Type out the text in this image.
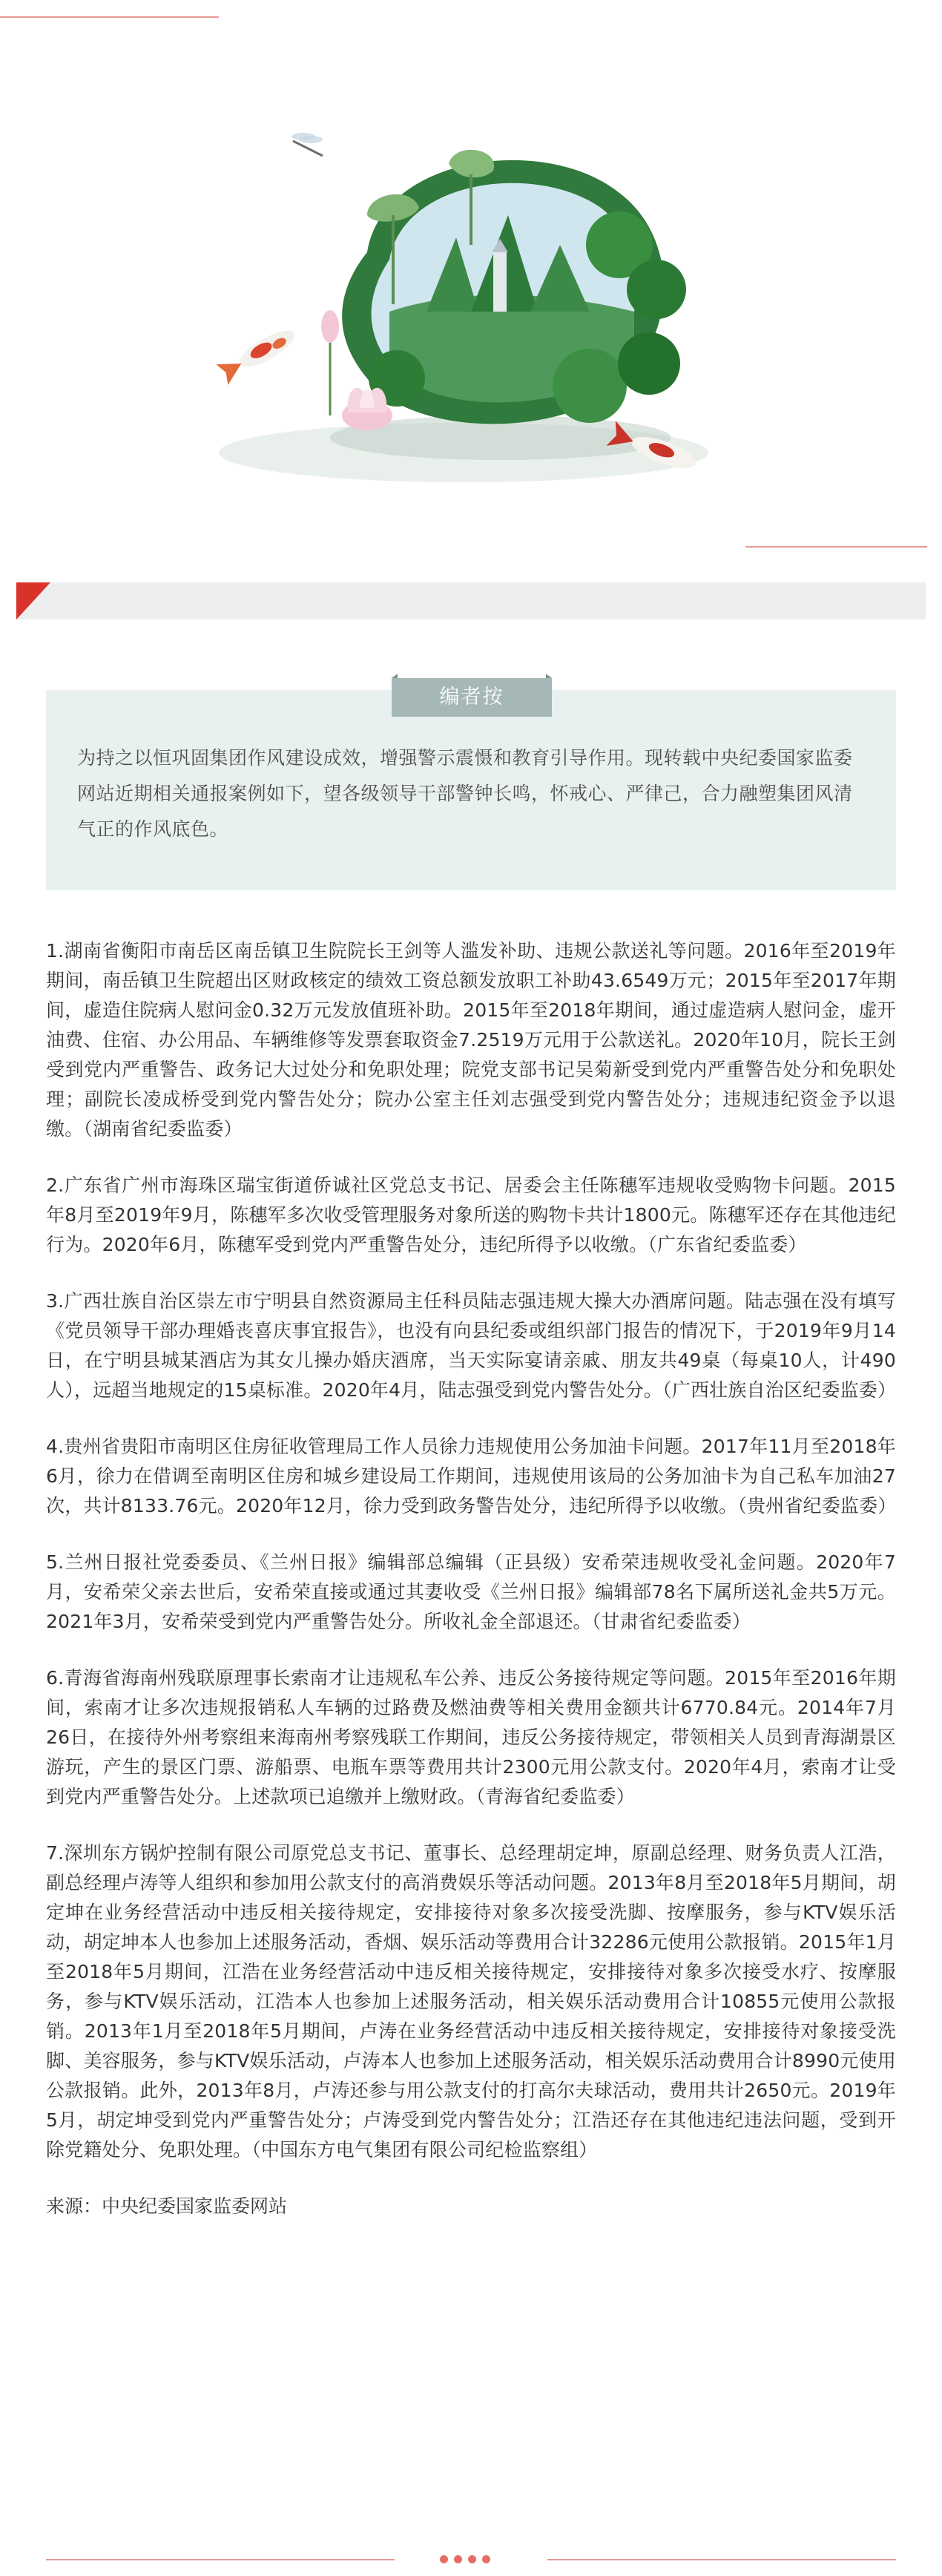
编者按
为持之以恒巩固集团作风建设成效，增强警示震慑和教育引导作用。现转载中央纪委国家监委网站近期相关通报案例如下，望各级领导干部警钟长鸣，怀戒心、严律己，合力融塑集团风清气正的作风底色。

1.湖南省衡阳市南岳区南岳镇卫生院院长王剑等人滥发补助、违规公款送礼等问题。2016年至2019年期间，南岳镇卫生院超出区财政核定的绩效工资总额发放职工补助43.6549万元；2015年至2017年期间，虚造住院病人慰问金0.32万元发放值班补助。2015年至2018年期间，通过虚造病人慰问金，虚开油费、住宿、办公用品、车辆维修等发票套取资金7.2519万元用于公款送礼。2020年10月，院长王剑受到党内严重警告、政务记大过处分和免职处理；院党支部书记吴菊新受到党内严重警告处分和免职处理；副院长凌成桥受到党内警告处分；院办公室主任刘志强受到党内警告处分；违规违纪资金予以退缴。（湖南省纪委监委）

2.广东省广州市海珠区瑞宝街道侨诚社区党总支书记、居委会主任陈穗军违规收受购物卡问题。2015年8月至2019年9月，陈穗军多次收受管理服务对象所送的购物卡共计1800元。陈穗军还存在其他违纪行为。2020年6月，陈穗军受到党内严重警告处分，违纪所得予以收缴。（广东省纪委监委）

3.广西壮族自治区崇左市宁明县自然资源局主任科员陆志强违规大操大办酒席问题。陆志强在没有填写《党员领导干部办理婚丧喜庆事宜报告》，也没有向县纪委或组织部门报告的情况下，于2019年9月14日，在宁明县城某酒店为其女儿操办婚庆酒席，当天实际宴请亲戚、朋友共49桌（每桌10人，计490人），远超当地规定的15桌标准。2020年4月，陆志强受到党内警告处分。（广西壮族自治区纪委监委）

4.贵州省贵阳市南明区住房征收管理局工作人员徐力违规使用公务加油卡问题。2017年11月至2018年6月，徐力在借调至南明区住房和城乡建设局工作期间，违规使用该局的公务加油卡为自己私车加油27次，共计8133.76元。2020年12月，徐力受到政务警告处分，违纪所得予以收缴。（贵州省纪委监委）

5.兰州日报社党委委员、《兰州日报》编辑部总编辑（正县级）安希荣违规收受礼金问题。2020年7月，安希荣父亲去世后，安希荣直接或通过其妻收受《兰州日报》编辑部78名下属所送礼金共5万元。2021年3月，安希荣受到党内严重警告处分。所收礼金全部退还。（甘肃省纪委监委）

6.青海省海南州残联原理事长索南才让违规私车公养、违反公务接待规定等问题。2015年至2016年期间，索南才让多次违规报销私人车辆的过路费及燃油费等相关费用金额共计6770.84元。2014年7月26日，在接待外州考察组来海南州考察残联工作期间，违反公务接待规定，带领相关人员到青海湖景区游玩，产生的景区门票、游船票、电瓶车票等费用共计2300元用公款支付。2020年4月，索南才让受到党内严重警告处分。上述款项已追缴并上缴财政。（青海省纪委监委）

7.深圳东方锅炉控制有限公司原党总支书记、董事长、总经理胡定坤，原副总经理、财务负责人江浩，副总经理卢涛等人组织和参加用公款支付的高消费娱乐等活动问题。2013年8月至2018年5月期间，胡定坤在业务经营活动中违反相关接待规定，安排接待对象多次接受洗脚、按摩服务，参与KTV娱乐活动，胡定坤本人也参加上述服务活动，香烟、娱乐活动等费用合计32286元使用公款报销。2015年1月至2018年5月期间，江浩在业务经营活动中违反相关接待规定，安排接待对象多次接受水疗、按摩服务，参与KTV娱乐活动，江浩本人也参加上述服务活动，相关娱乐活动费用合计10855元使用公款报销。2013年1月至2018年5月期间，卢涛在业务经营活动中违反相关接待规定，安排接待对象接受洗脚、美容服务，参与KTV娱乐活动，卢涛本人也参加上述服务活动，相关娱乐活动费用合计8990元使用公款报销。此外，2013年8月，卢涛还参与用公款支付的打高尔夫球活动，费用共计2650元。2019年5月，胡定坤受到党内严重警告处分；卢涛受到党内警告处分；江浩还存在其他违纪违法问题，受到开除党籍处分、免职处理。（中国东方电气集团有限公司纪检监察组）

来源：中央纪委国家监委网站
